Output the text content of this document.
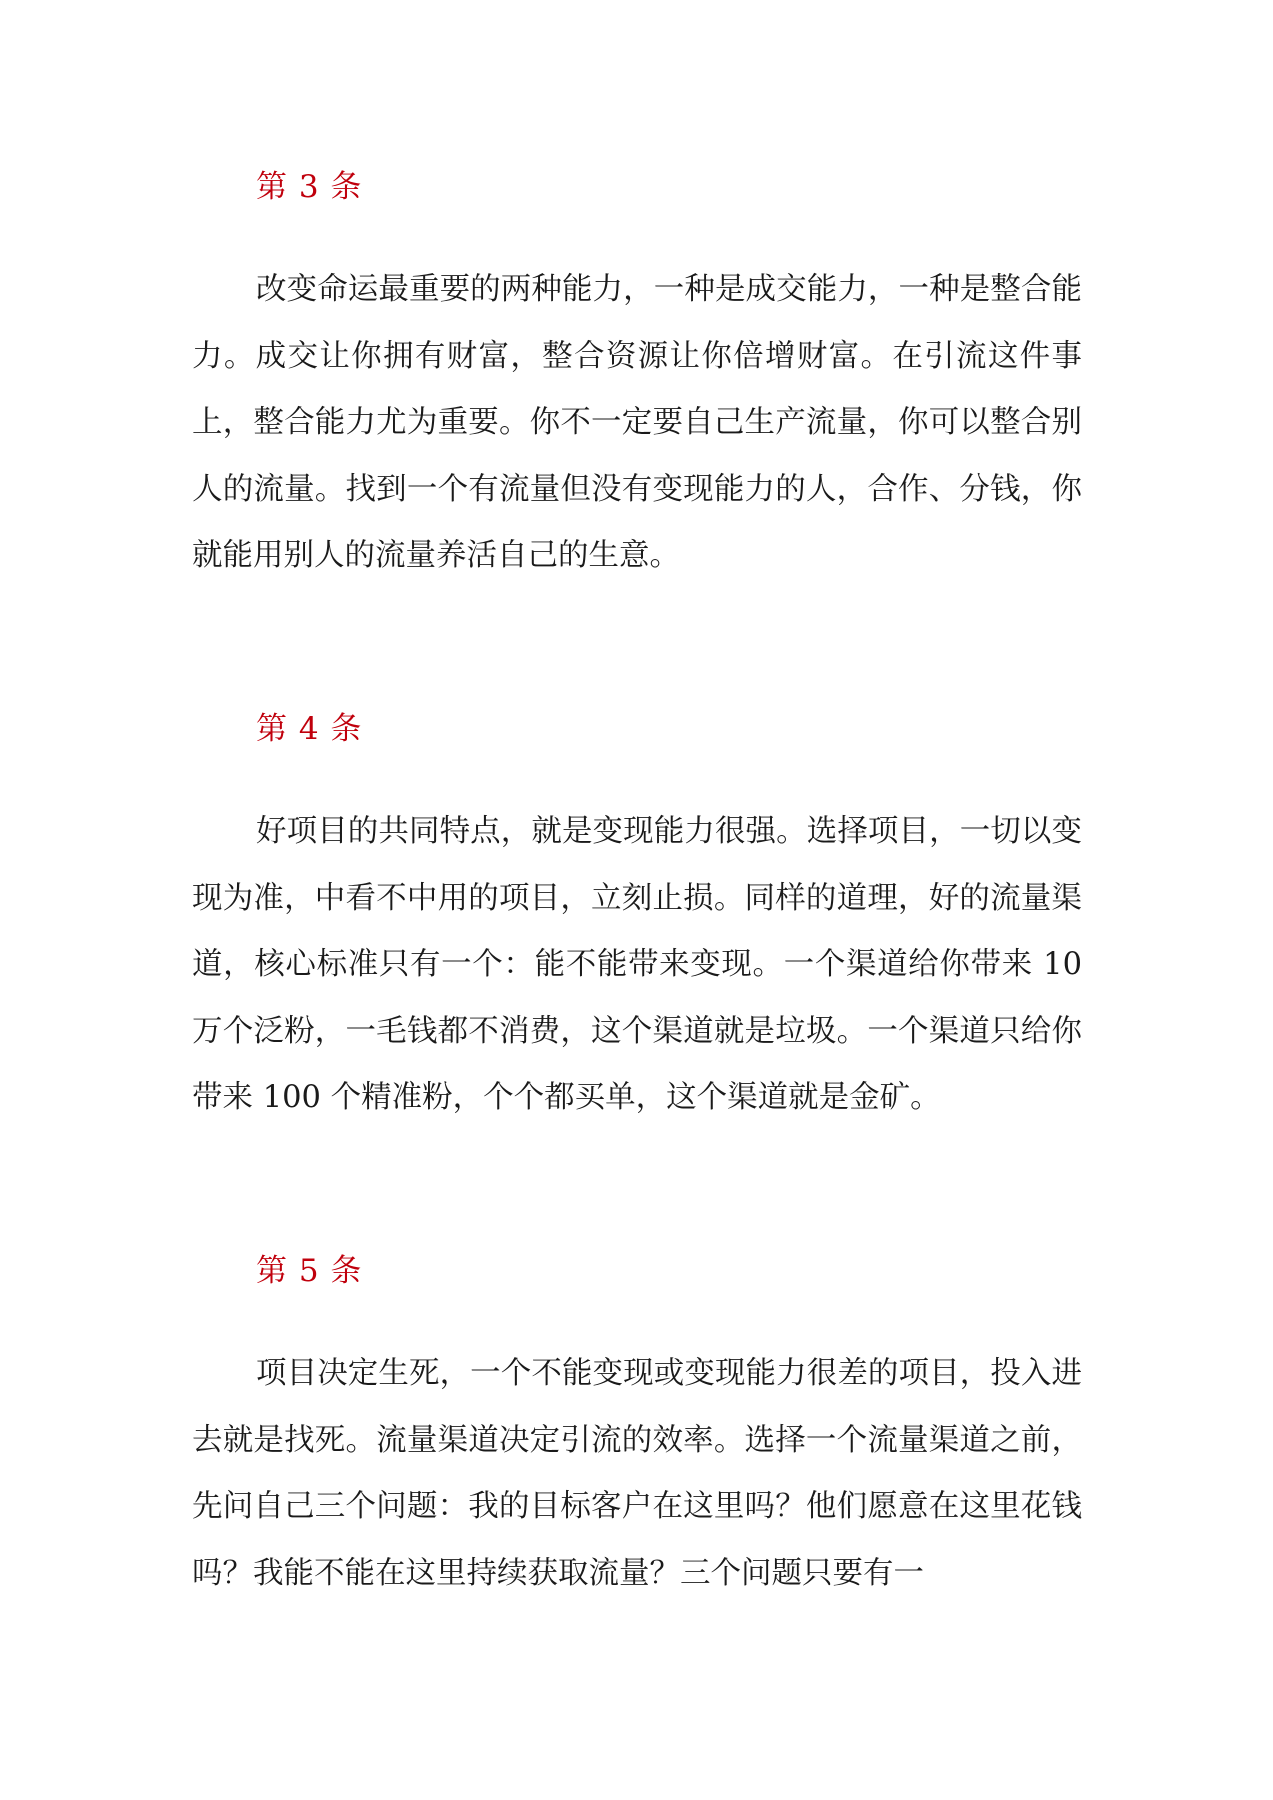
第 3 条

改变命运最重要的两种能力，一种是成交能力，一种是整合能力。成交让你拥有财富，整合资源让你倍增财富。在引流这件事上，整合能力尤为重要。你不一定要自己生产流量，你可以整合别人的流量。找到一个有流量但没有变现能力的人，合作、分钱，你就能用别人的流量养活自己的生意。

第 4 条

好项目的共同特点，就是变现能力很强。选择项目，一切以变现为准，中看不中用的项目，立刻止损。同样的道理，好的流量渠道，核心标准只有一个：能不能带来变现。一个渠道给你带来 10 万个泛粉，一毛钱都不消费，这个渠道就是垃圾。一个渠道只给你带来 100 个精准粉，个个都买单，这个渠道就是金矿。

第 5 条

项目决定生死，一个不能变现或变现能力很差的项目，投入进去就是找死。流量渠道决定引流的效率。选择一个流量渠道之前，先问自己三个问题：我的目标客户在这里吗？他们愿意在这里花钱吗？我能不能在这里持续获取流量？三个问题只要有一
